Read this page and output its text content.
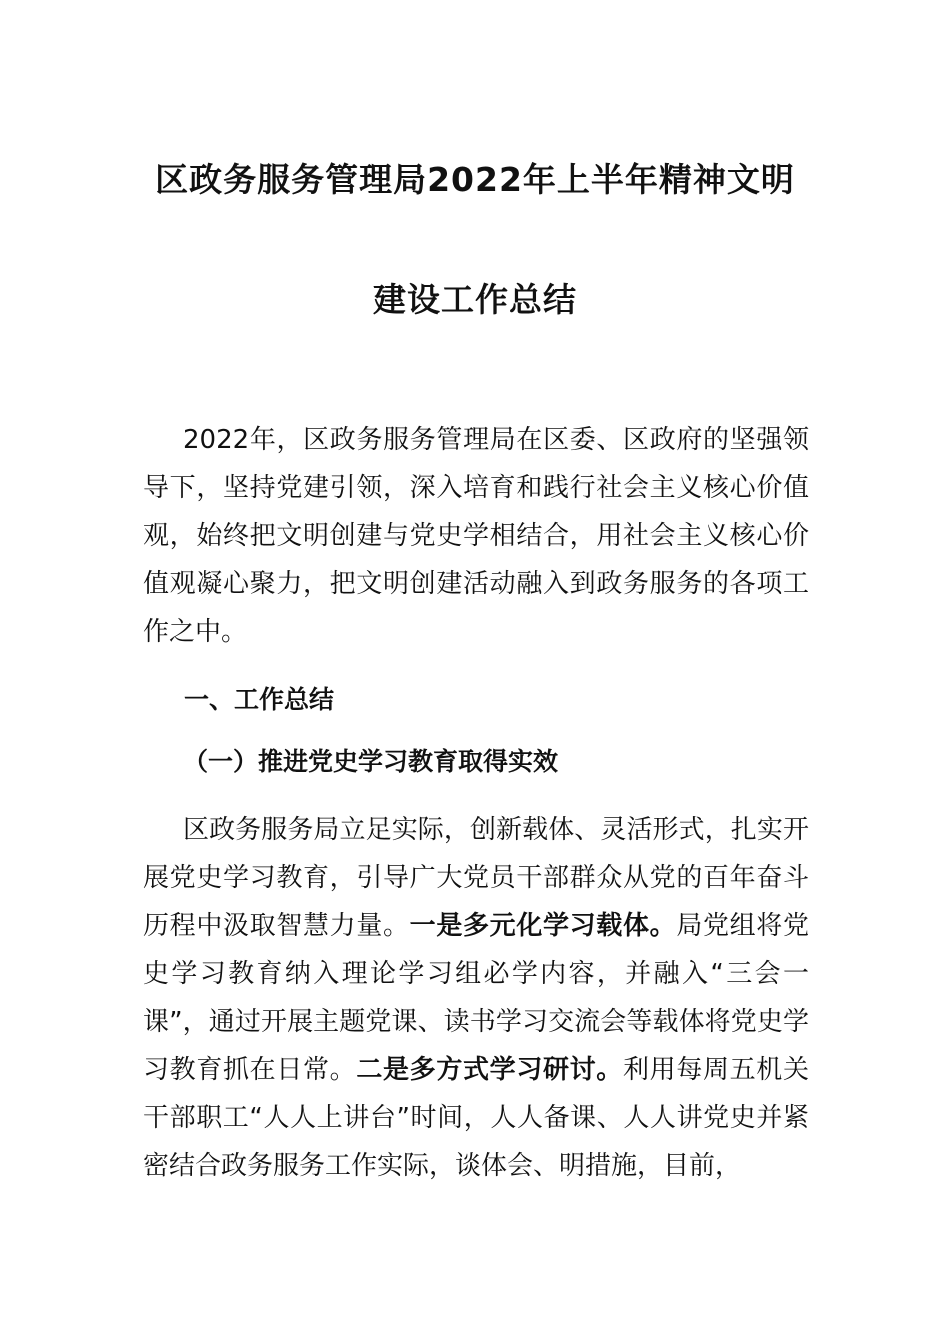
区政务服务管理局2022年上半年精神文明
建设工作总结

2022年，区政务服务管理局在区委、区政府的坚强领导下，坚持党建引领，深入培育和践行社会主义核心价值观，始终把文明创建与党史学相结合，用社会主义核心价值观凝心聚力，把文明创建活动融入到政务服务的各项工作之中。

一、工作总结

（一）推进党史学习教育取得实效

区政务服务局立足实际，创新载体、灵活形式，扎实开展党史学习教育，引导广大党员干部群众从党的百年奋斗历程中汲取智慧力量。一是多元化学习载体。局党组将党史学习教育纳入理论学习组必学内容，并融入“三会一课”，通过开展主题党课、读书学习交流会等载体将党史学习教育抓在日常。二是多方式学习研讨。利用每周五机关干部职工“人人上讲台”时间，人人备课、人人讲党史并紧密结合政务服务工作实际，谈体会、明措施，目前，
